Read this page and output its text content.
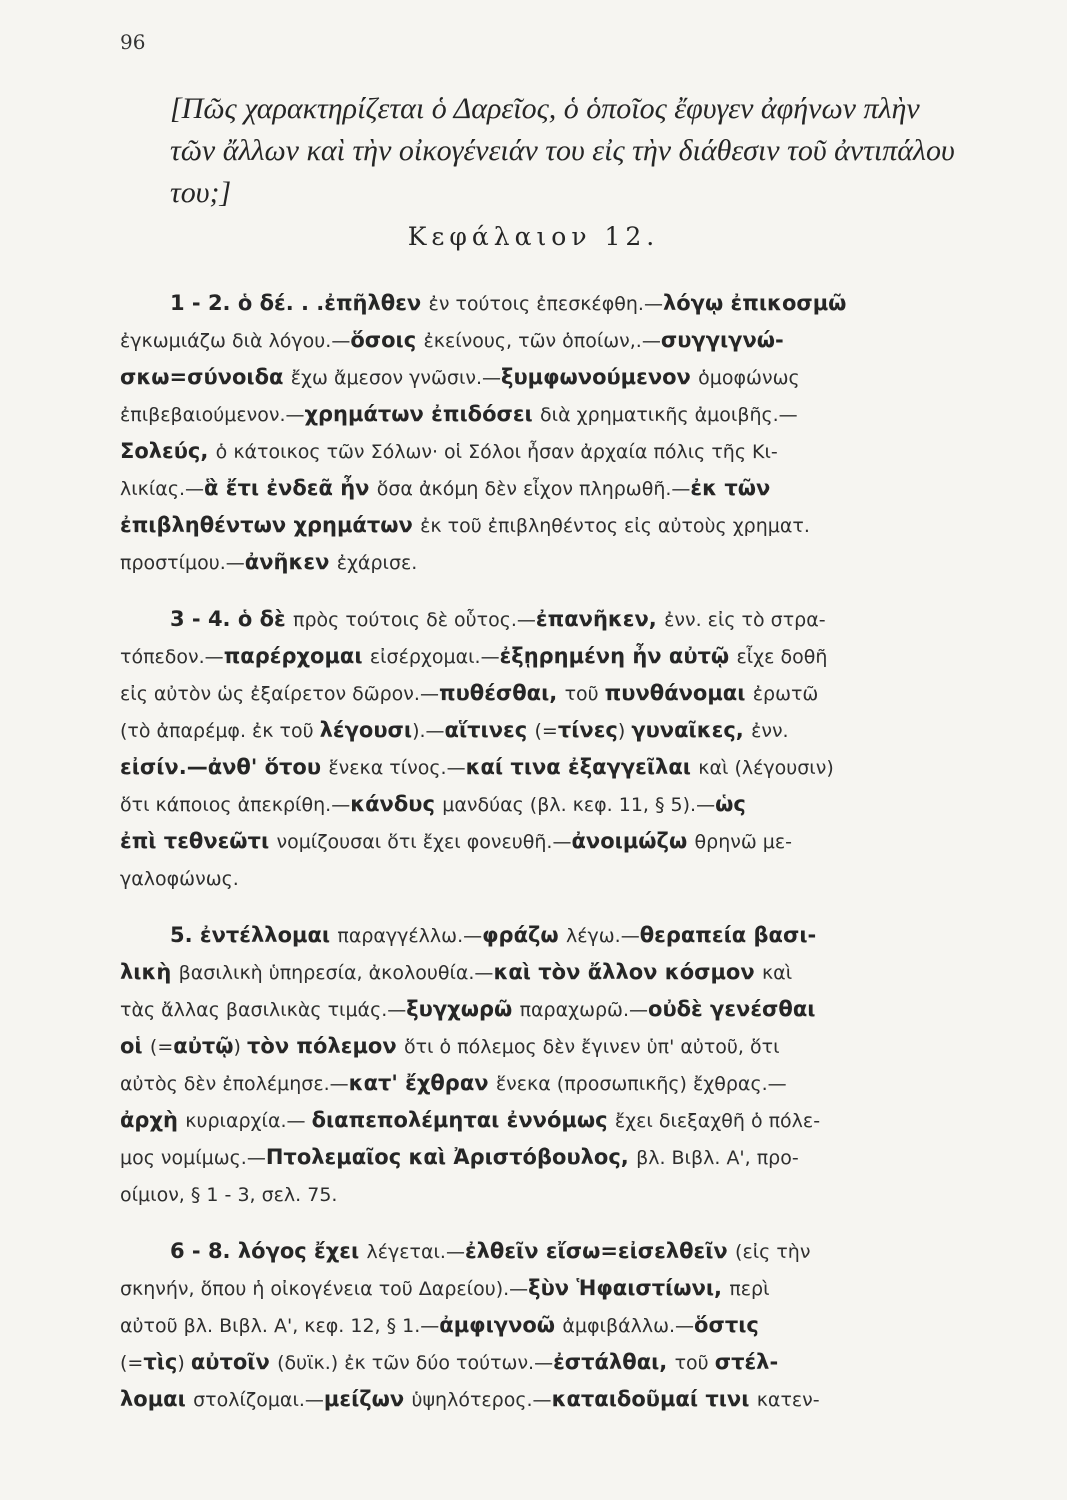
96
[Πῶς χαρακτηρίζεται ὁ Δαρεῖος, ὁ ὁποῖος ἔφυγεν ἀφήνων πλὴν
τῶν ἄλλων καὶ τὴν οἰκογένειάν του εἰς τὴν διάθεσιν τοῦ ἀντιπάλου
του;]
Κεφάλαιον 12.
1 - 2. ὁ δέ. . .ἐπῆλθεν ἐν τούτοις ἐπεσκέφθη.—λόγῳ ἐπικοσμῶ
ἐγκωμιάζω διὰ λόγου.—ὅσοις ἐκείνους, τῶν ὁποίων,.—συγγιγνώ-
σκω=σύνοιδα ἔχω ἄμεσον γνῶσιν.—ξυμφωνούμενον ὁμοφώνως
ἐπιβεβαιούμενον.—χρημάτων ἐπιδόσει διὰ χρηματικῆς ἀμοιβῆς.—
Σολεύς, ὁ κάτοικος τῶν Σόλων· οἱ Σόλοι ἦσαν ἀρχαία πόλις τῆς Κι-
λικίας.—ἃ ἔτι ἐνδεᾶ ἦν ὅσα ἀκόμη δὲν εἶχον πληρωθῆ.—ἐκ τῶν
ἐπιβληθέντων χρημάτων ἐκ τοῦ ἐπιβληθέντος εἰς αὐτοὺς χρηματ.
προστίμου.—ἀνῆκεν ἐχάρισε.
3 - 4. ὁ δὲ πρὸς τούτοις δὲ οὗτος.—ἐπανῆκεν, ἐνν. εἰς τὸ στρα-
τόπεδον.—παρέρχομαι εἰσέρχομαι.—ἐξῃρημένη ἦν αὐτῷ εἶχε δοθῆ
εἰς αὐτὸν ὡς ἐξαίρετον δῶρον.—πυθέσθαι, τοῦ πυνθάνομαι ἐρωτῶ
(τὸ ἀπαρέμφ. ἐκ τοῦ λέγουσι).—αἵτινες (=τίνες) γυναῖκες, ἐνν.
εἰσίν.—ἀνθ' ὅτου ἕνεκα τίνος.—καί τινα ἐξαγγεῖλαι καὶ (λέγουσιν)
ὅτι κάποιος ἀπεκρίθη.—κάνδυς μανδύας (βλ. κεφ. 11, § 5).—ὡς
ἐπὶ τεθνεῶτι νομίζουσαι ὅτι ἔχει φονευθῆ.—ἀνοιμώζω θρηνῶ με-
γαλοφώνως.
5. ἐντέλλομαι παραγγέλλω.—φράζω λέγω.—θεραπεία βασι-
λικὴ βασιλικὴ ὑπηρεσία, ἀκολουθία.—καὶ τὸν ἄλλον κόσμον καὶ
τὰς ἄλλας βασιλικὰς τιμάς.—ξυγχωρῶ παραχωρῶ.—οὐδὲ γενέσθαι
οἱ (=αὐτῷ) τὸν πόλεμον ὅτι ὁ πόλεμος δὲν ἔγινεν ὑπ' αὐτοῦ, ὅτι
αὐτὸς δὲν ἐπολέμησε.—κατ' ἔχθραν ἕνεκα (προσωπικῆς) ἔχθρας.—
ἀρχὴ κυριαρχία.— διαπεπολέμηται ἐννόμως ἔχει διεξαχθῆ ὁ πόλε-
μος νομίμως.—Πτολεμαῖος καὶ Ἀριστόβουλος, βλ. Βιβλ. Α', προ-
οίμιον, § 1 - 3, σελ. 75.
6 - 8. λόγος ἔχει λέγεται.—ἐλθεῖν εἴσω=εἰσελθεῖν (εἰς τὴν
σκηνήν, ὅπου ἡ οἰκογένεια τοῦ Δαρείου).—ξὺν Ἡφαιστίωνι, περὶ
αὐτοῦ βλ. Βιβλ. Α', κεφ. 12, § 1.—ἀμφιγνοῶ ἀμφιβάλλω.—ὅστις
(=τὶς) αὐτοῖν (δυϊκ.) ἐκ τῶν δύο τούτων.—ἐστάλθαι, τοῦ στέλ-
λομαι στολίζομαι.—μείζων ὑψηλότερος.—καταιδοῦμαί τινι κατεν-
